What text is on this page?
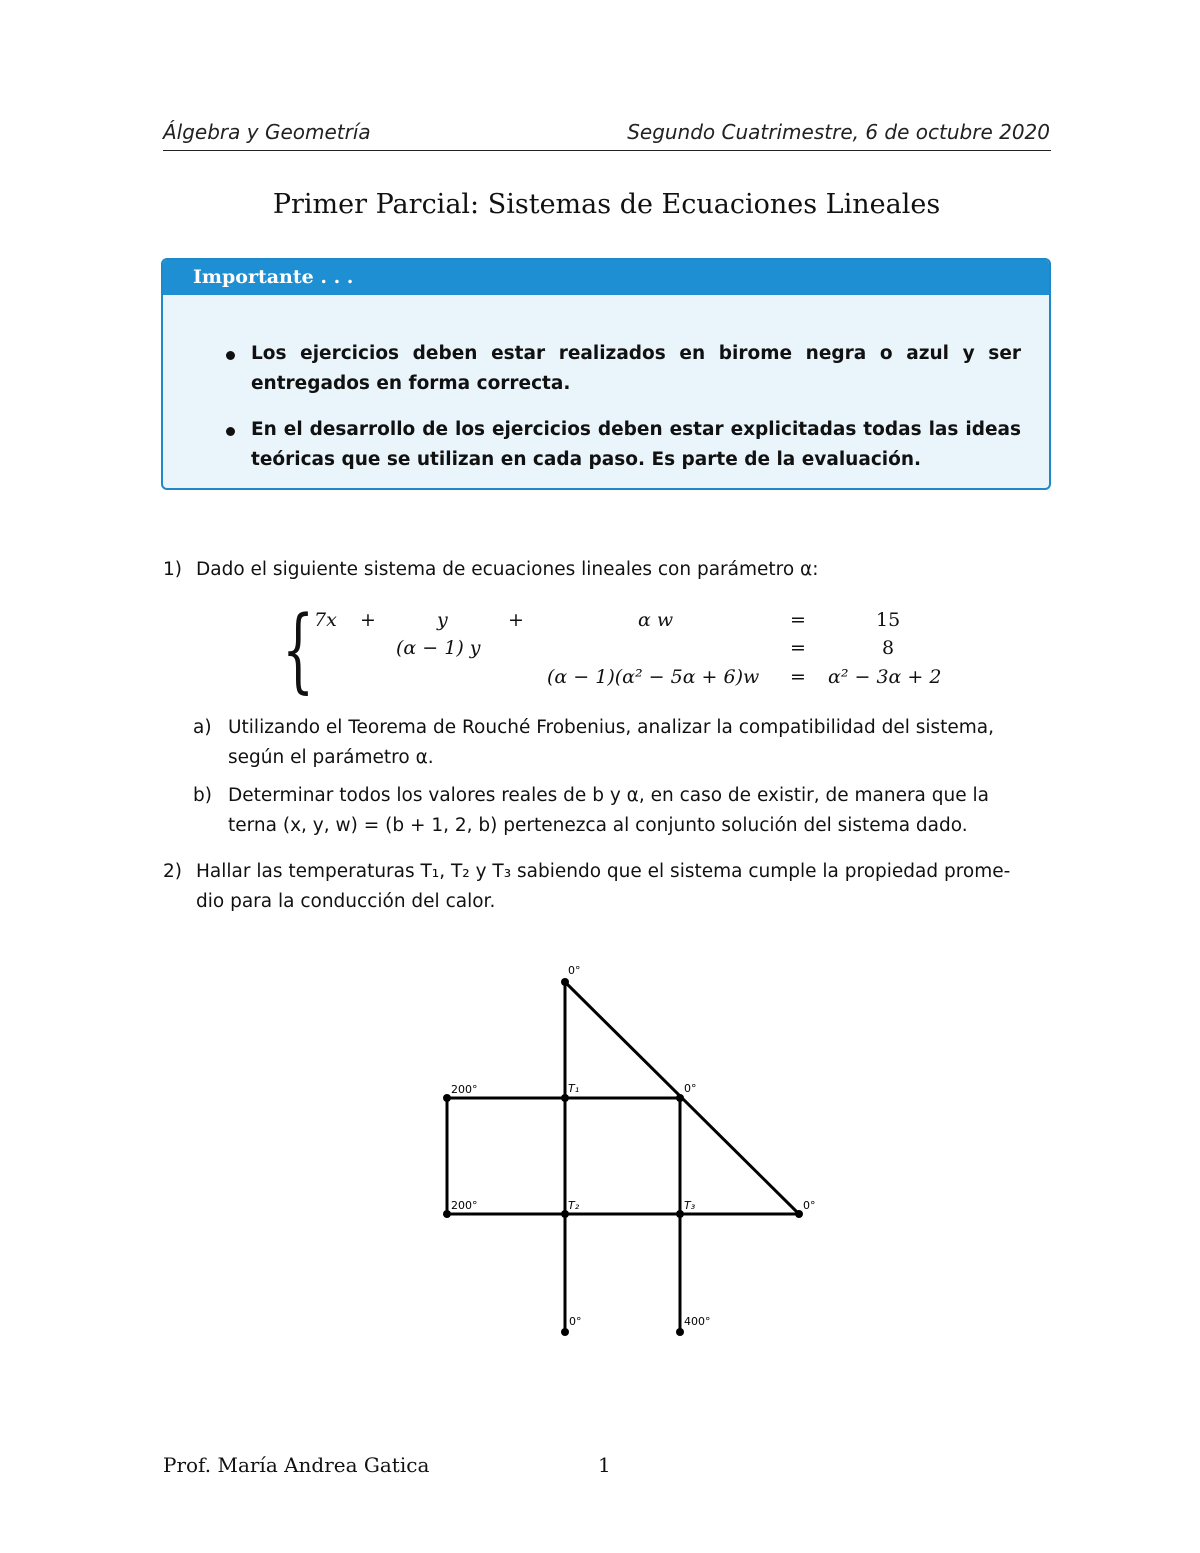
Álgebra y Geometría	Segundo Cuatrimestre, 6 de octubre 2020
Primer Parcial: Sistemas de Ecuaciones Lineales
Importante . . .
Los ejercicios deben estar realizados en birome negra o azul y ser entregados en forma correcta.
En el desarrollo de los ejercicios deben estar explicitadas todas las ideas teóricas que se utilizan en cada paso. Es parte de la evaluación.
1) Dado el siguiente sistema de ecuaciones lineales con parámetro α:
{ 7x +	y	+	α w	=	15
(α − 1) y	=	8
(α − 1)(α² − 5α + 6)w = α² − 3α + 2
a) Utilizando el Teorema de Rouché Frobenius, analizar la compatibilidad del sistema,
según el parámetro α.
b) Determinar todos los valores reales de b y α, en caso de existir, de manera que la
terna (x, y, w) = (b + 1, 2, b) pertenezca al conjunto solución del sistema dado.
2) Hallar las temperaturas T₁, T₂ y T₃ sabiendo que el sistema cumple la propiedad prome-
dio para la conducción del calor.
0°
200°	T₁	0°
200°	T₂	T₃	0°
0°	400°
Prof. María Andrea Gatica	1
